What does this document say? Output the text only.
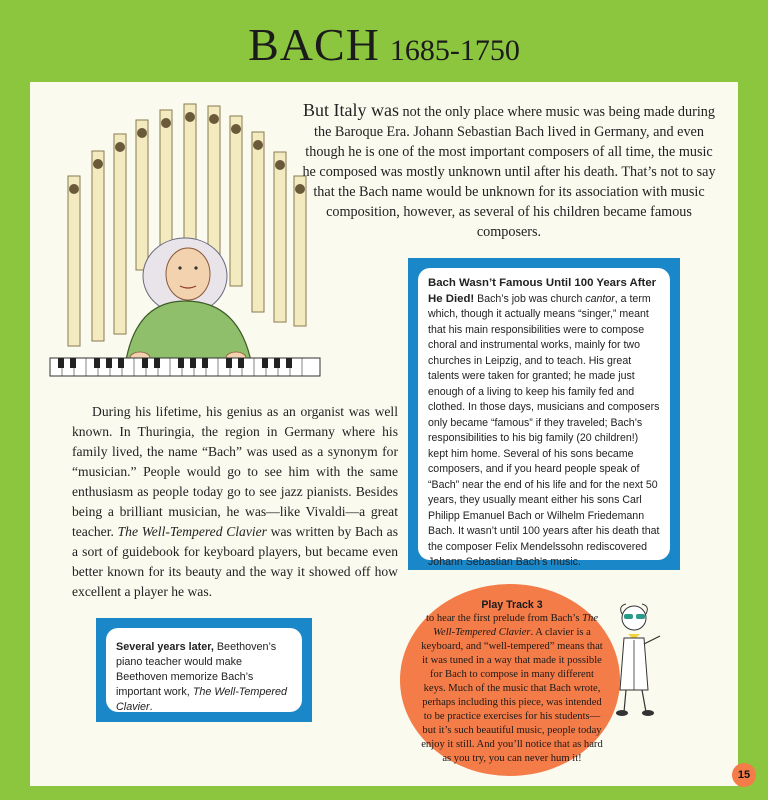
BACH 1685-1750
But Italy was not the only place where music was being made during the Baroque Era. Johann Sebastian Bach lived in Germany, and even though he is one of the most important composers of all time, the music he composed was mostly unknown until after his death. That’s not to say that the Bach name would be unknown for its association with music composition, however, as several of his children became famous composers.
Bach Wasn’t Famous Until 100 Years After He Died! Bach’s job was church cantor, a term which, though it actually means “singer,” meant that his main responsibilities were to compose choral and instrumental works, mainly for two churches in Leipzig, and to teach. His great talents were taken for granted; he made just enough of a living to keep his family fed and clothed. In those days, musicians and composers only became “famous” if they traveled; Bach’s responsibilities to his big family (20 children!) kept him home. Several of his sons became composers, and if you heard people speak of “Bach” near the end of his life and for the next 50 years, they usually meant either his sons Carl Philipp Emanuel Bach or Wilhelm Friedemann Bach. It wasn’t until 100 years after his death that the composer Felix Mendelssohn rediscovered Johann Sebastian Bach’s music.
During his lifetime, his genius as an organist was well known. In Thuringia, the region in Germany where his family lived, the name “Bach” was used as a synonym for “musician.” People would go to see him with the same enthusiasm as people today go to see jazz pianists. Besides being a brilliant musician, he was—like Vivaldi—a great teacher. The Well-Tempered Clavier was written by Bach as a sort of guidebook for keyboard players, but became even better known for its beauty and the way it showed off how excellent a player he was.
Several years later, Beethoven’s piano teacher would make Beethoven memorize Bach’s important work, The Well-Tempered Clavier.
Play Track 3
to hear the first prelude from Bach’s The Well-Tempered Clavier. A clavier is a keyboard, and “well-tempered” means that it was tuned in a way that made it possible for Bach to compose in many different keys. Much of the music that Bach wrote, perhaps including this piece, was intended to be practice exercises for his students—but it’s such beautiful music, people today enjoy it still. And you’ll notice that as hard as you try, you can never hum it!
15
